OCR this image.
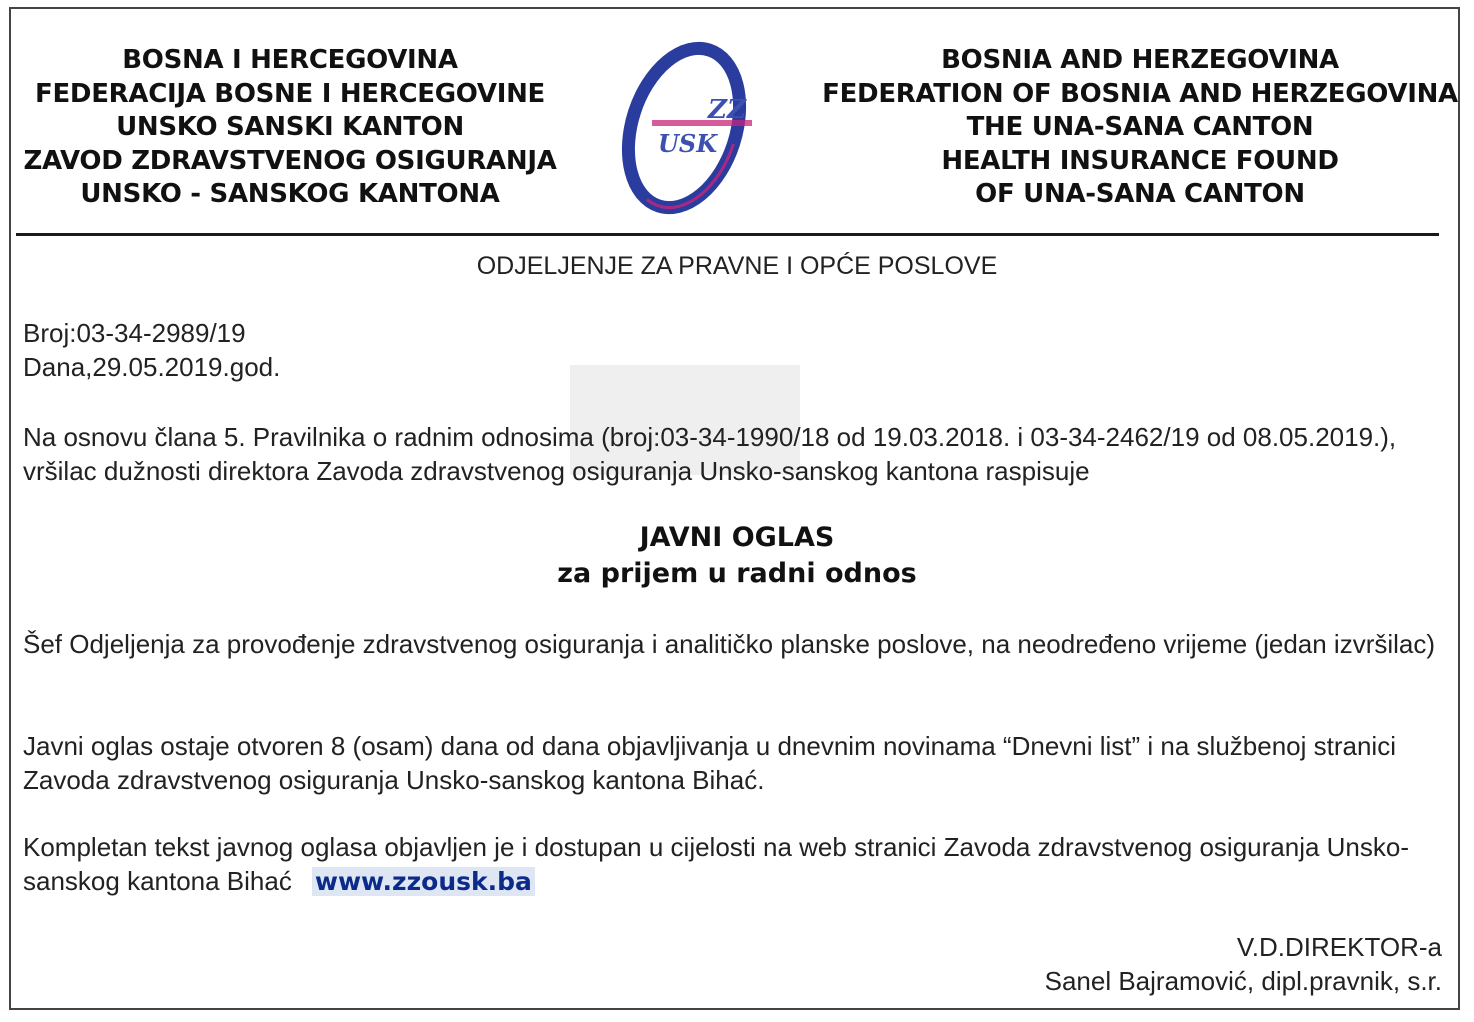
BOSNA I HERCEGOVINA
FEDERACIJA BOSNE I HERCEGOVINE
UNSKO SANSKI KANTON
ZAVOD ZDRAVSTVENOG OSIGURANJA
UNSKO - SANSKOG KANTONA
ZZ
USK
BOSNIA AND HERZEGOVINA
FEDERATION OF BOSNIA AND HERZEGOVINA
THE UNA-SANA CANTON
HEALTH INSURANCE FOUND
OF UNA-SANA CANTON
ODJELJENJE ZA PRAVNE I OPĆE POSLOVE
Broj:03-34-2989/19
Dana,29.05.2019.god.
Na osnovu člana 5. Pravilnika o radnim odnosima (broj:03-34-1990/18 od 19.03.2018. i 03-34-2462/19 od 08.05.2019.), vršilac dužnosti direktora Zavoda zdravstvenog osiguranja Unsko-sanskog kantona raspisuje
JAVNI OGLAS
za prijem u radni odnos
Šef Odjeljenja za provođenje zdravstvenog osiguranja i analitičko planske poslove, na neodređeno vrijeme (jedan izvršilac)
Javni oglas ostaje otvoren 8 (osam) dana od dana objavljivanja u dnevnim novinama “Dnevni list” i na službenoj stranici Zavoda zdravstvenog osiguranja Unsko-sanskog kantona Bihać.
Kompletan tekst javnog oglasa objavljen je i dostupan u cijelosti na web stranici Zavoda zdravstvenog osiguranja Unsko-sanskog kantona Bihać www.zzousk.ba
V.D.DIREKTOR-a
Sanel Bajramović, dipl.pravnik, s.r.
